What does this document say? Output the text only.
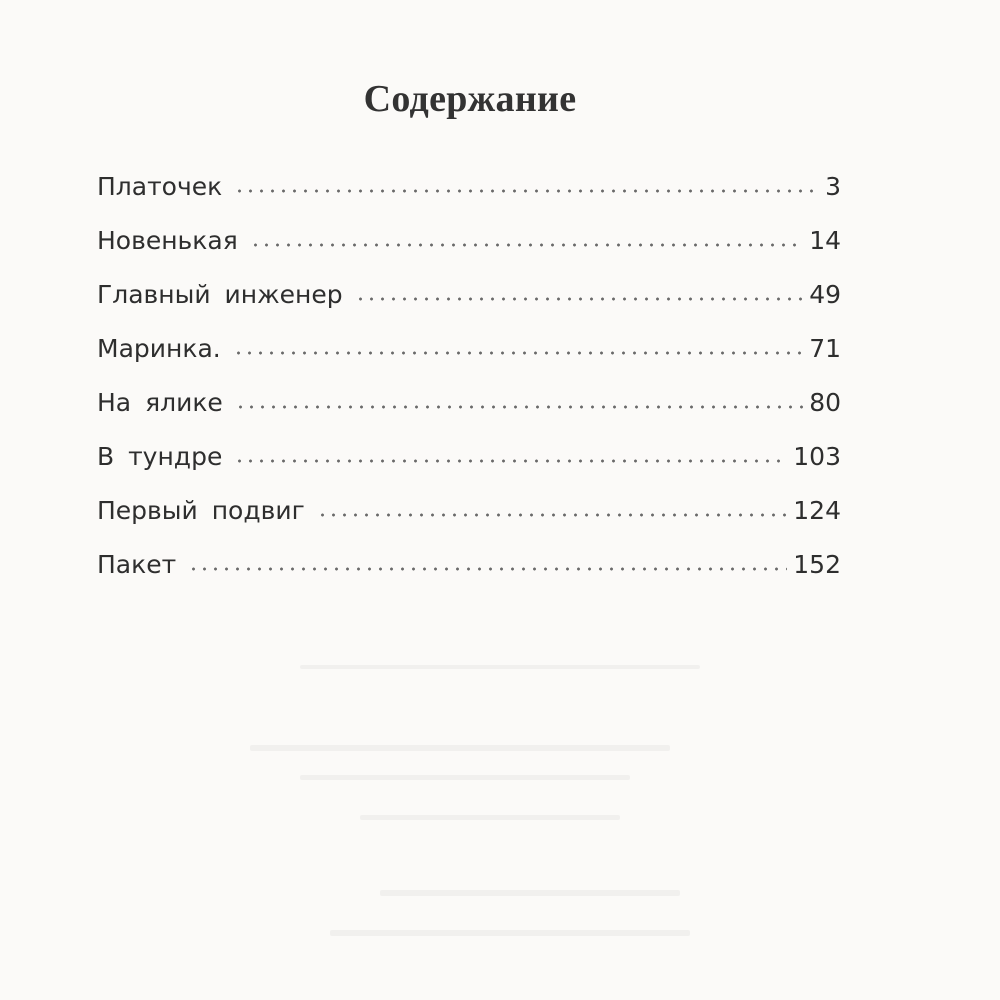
Содержание
Платочек	3
Новенькая	14
Главный инженер	49
Маринка.	71
На ялике	80
В тундре	103
Первый подвиг	124
Пакет	152
